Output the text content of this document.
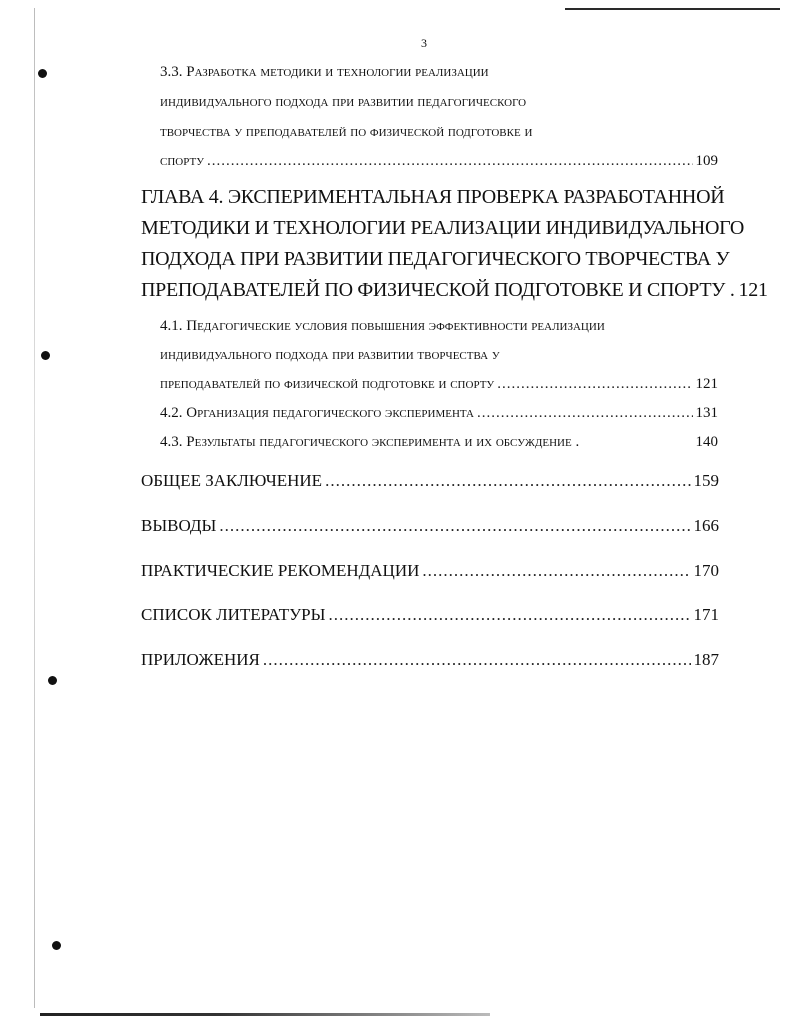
3
3.3. Разработка методики и технологии реализации
индивидуального подхода при развитии педагогического
творчества у преподавателей по физической подготовке и
спорту .....	109
ГЛАВА 4. ЭКСПЕРИМЕНТАЛЬНАЯ ПРОВЕРКА РАЗРАБОТАННОЙ
МЕТОДИКИ И ТЕХНОЛОГИИ РЕАЛИЗАЦИИ ИНДИВИДУАЛЬНОГО
ПОДХОДА ПРИ РАЗВИТИИ ПЕДАГОГИЧЕСКОГО ТВОРЧЕСТВА У
ПРЕПОДАВАТЕЛЕЙ ПО ФИЗИЧЕСКОЙ ПОДГОТОВКЕ И СПОРТУ . 121
4.1. Педагогические условия повышения эффективности реализации
индивидуального подхода при развитии творчества у
преподавателей по физической подготовке и спорту .....	121
4.2. Организация педагогического эксперимента .....	131
4.3. Результаты педагогического эксперимента и их обсуждение .	140
ОБЩЕЕ ЗАКЛЮЧЕНИЕ .....	159
ВЫВОДЫ .....	166
ПРАКТИЧЕСКИЕ РЕКОМЕНДАЦИИ .....	170
СПИСОК ЛИТЕРАТУРЫ .....	171
ПРИЛОЖЕНИЯ .....	187
